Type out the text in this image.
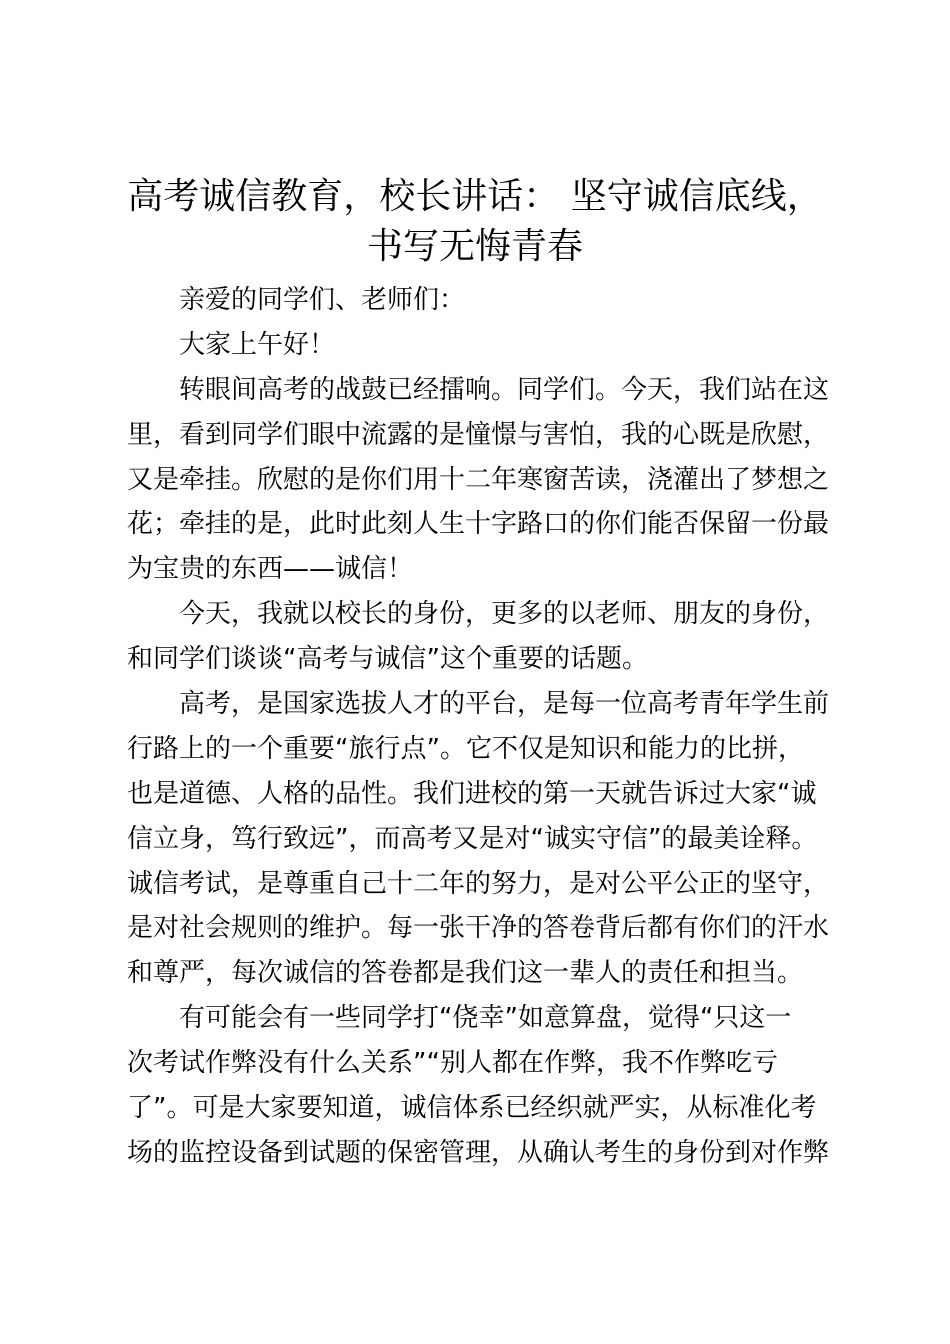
高考诚信教育，校长讲话： 坚守诚信底线，
书写无悔青春
亲爱的同学们、老师们：
大家上午好！
转眼间高考的战鼓已经擂响。同学们。今天，我们站在这
里，看到同学们眼中流露的是憧憬与害怕，我的心既是欣慰，
又是牵挂。欣慰的是你们用十二年寒窗苦读，浇灌出了梦想之
花；牵挂的是，此时此刻人生十字路口的你们能否保留一份最
为宝贵的东西——诚信！
今天，我就以校长的身份，更多的以老师、朋友的身份，
和同学们谈谈“高考与诚信”这个重要的话题。
高考，是国家选拔人才的平台，是每一位高考青年学生前
行路上的一个重要“旅行点”。它不仅是知识和能力的比拼，
也是道德、人格的品性。我们进校的第一天就告诉过大家“诚
信立身，笃行致远”，而高考又是对“诚实守信”的最美诠释。
诚信考试，是尊重自己十二年的努力，是对公平公正的坚守，
是对社会规则的维护。每一张干净的答卷背后都有你们的汗水
和尊严，每次诚信的答卷都是我们这一辈人的责任和担当。
有可能会有一些同学打“侥幸”如意算盘，觉得“只这一
次考试作弊没有什么关系”“别人都在作弊，我不作弊吃亏
了”。可是大家要知道，诚信体系已经织就严实，从标准化考
场的监控设备到试题的保密管理，从确认考生的身份到对作弊
